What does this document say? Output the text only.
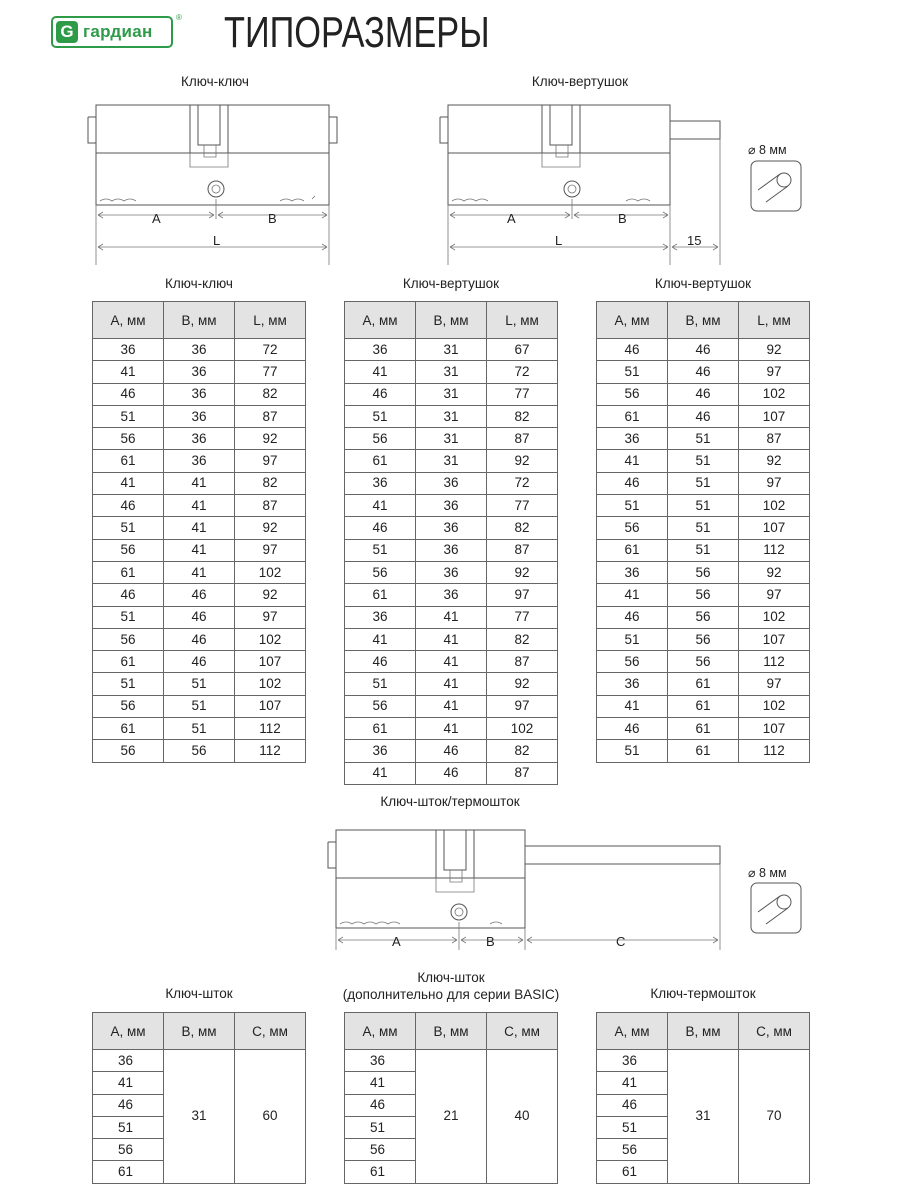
G гардиан
® ТИПОРАЗМЕРЫ
Ключ-ключ	Ключ-вертушок
A	B
L
A	B
L	15
⌀ 8 мм
Ключ-ключ	Ключ-вертушок	Ключ-вертушок
A, мм	B, мм	L, мм
36	36	72
41	36	77
46	36	82
51	36	87
56	36	92
61	36	97
41	41	82
46	41	87
51	41	92
56	41	97
61	41	102
46	46	92
51	46	97
56	46	102
61	46	107
51	51	102
56	51	107
61	51	112
56	56	112
A, мм	B, мм	L, мм
36	31	67
41	31	72
46	31	77
51	31	82
56	31	87
61	31	92
36	36	72
41	36	77
46	36	82
51	36	87
56	36	92
61	36	97
36	41	77
41	41	82
46	41	87
51	41	92
56	41	97
61	41	102
36	46	82
41	46	87
A, мм	B, мм	L, мм
46	46	92
51	46	97
56	46	102
61	46	107
36	51	87
41	51	92
46	51	97
51	51	102
56	51	107
61	51	112
36	56	92
41	56	97
46	56	102
51	56	107
56	56	112
36	61	97
41	61	102
46	61	107
51	61	112
Ключ-шток/термошток
A	B	C
⌀ 8 мм
Ключ-шток
Ключ-шток
(дополнительно для серии BASIC)	Ключ-термошток
A, мм	B, мм	C, мм
36	31	60
41		
46		
51		
56		
61		
A, мм	B, мм	C, мм
36	21	40
41		
46		
51		
56		
61		
A, мм	B, мм	C, мм
36	31	70
41		
46		
51		
56		
61		
